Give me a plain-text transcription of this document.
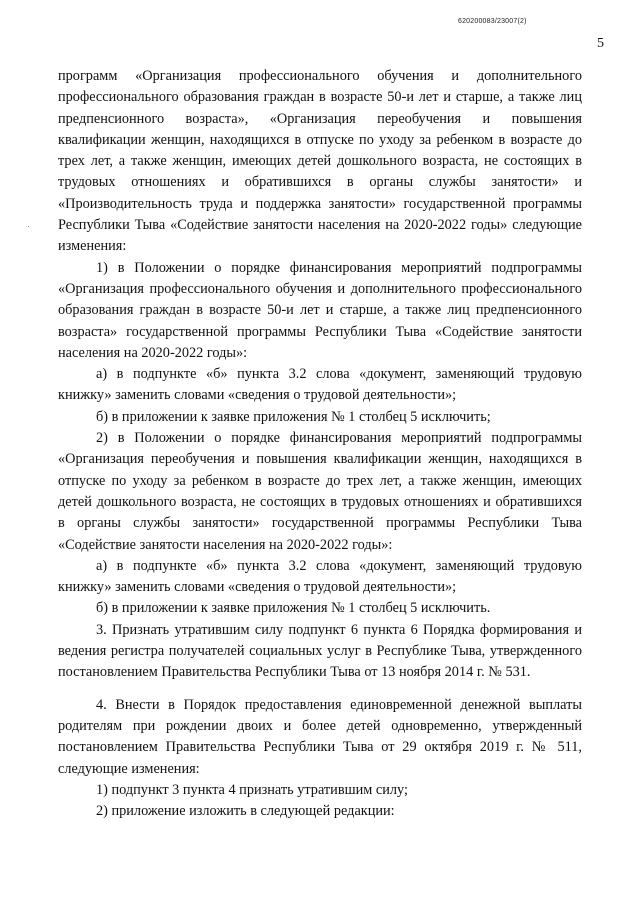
620200083/23007(2)
5

программ «Организация профессионального обучения и дополнительного профессионального образования граждан в возрасте 50-и лет и старше, а также лиц предпенсионного возраста», «Организация переобучения и повышения квалификации женщин, находящихся в отпуске по уходу за ребенком в возрасте до трех лет, а также женщин, имеющих детей дошкольного возраста, не состоящих в трудовых отношениях и обратившихся в органы службы занятости» и «Производительность труда и поддержка занятости» государственной программы Республики Тыва «Содействие занятости населения на 2020-2022 годы» следующие изменения:

1) в Положении о порядке финансирования мероприятий подпрограммы «Организация профессионального обучения и дополнительного профессионального образования граждан в возрасте 50-и лет и старше, а также лиц предпенсионного возраста» государственной программы Республики Тыва «Содействие занятости населения на 2020-2022 годы»:

а) в подпункте «б» пункта 3.2 слова «документ, заменяющий трудовую книжку» заменить словами «сведения о трудовой деятельности»;

б) в приложении к заявке приложения № 1 столбец 5 исключить;

2) в Положении о порядке финансирования мероприятий подпрограммы «Организация переобучения и повышения квалификации женщин, находящихся в отпуске по уходу за ребенком в возрасте до трех лет, а также женщин, имеющих детей дошкольного возраста, не состоящих в трудовых отношениях и обратившихся в органы службы занятости» государственной программы Республики Тыва «Содействие занятости населения на 2020-2022 годы»:

а) в подпункте «б» пункта 3.2 слова «документ, заменяющий трудовую книжку» заменить словами «сведения о трудовой деятельности»;

б) в приложении к заявке приложения № 1 столбец 5 исключить.

3. Признать утратившим силу подпункт 6 пункта 6 Порядка формирования и ведения регистра получателей социальных услуг в Республике Тыва, утвержденного постановлением Правительства Республики Тыва от 13 ноября 2014 г. № 531.

4. Внести в Порядок предоставления единовременной денежной выплаты родителям при рождении двоих и более детей одновременно, утвержденный постановлением Правительства Республики Тыва от 29 октября 2019 г. № 511, следующие изменения:

1) подпункт 3 пункта 4 признать утратившим силу;

2) приложение изложить в следующей редакции:
